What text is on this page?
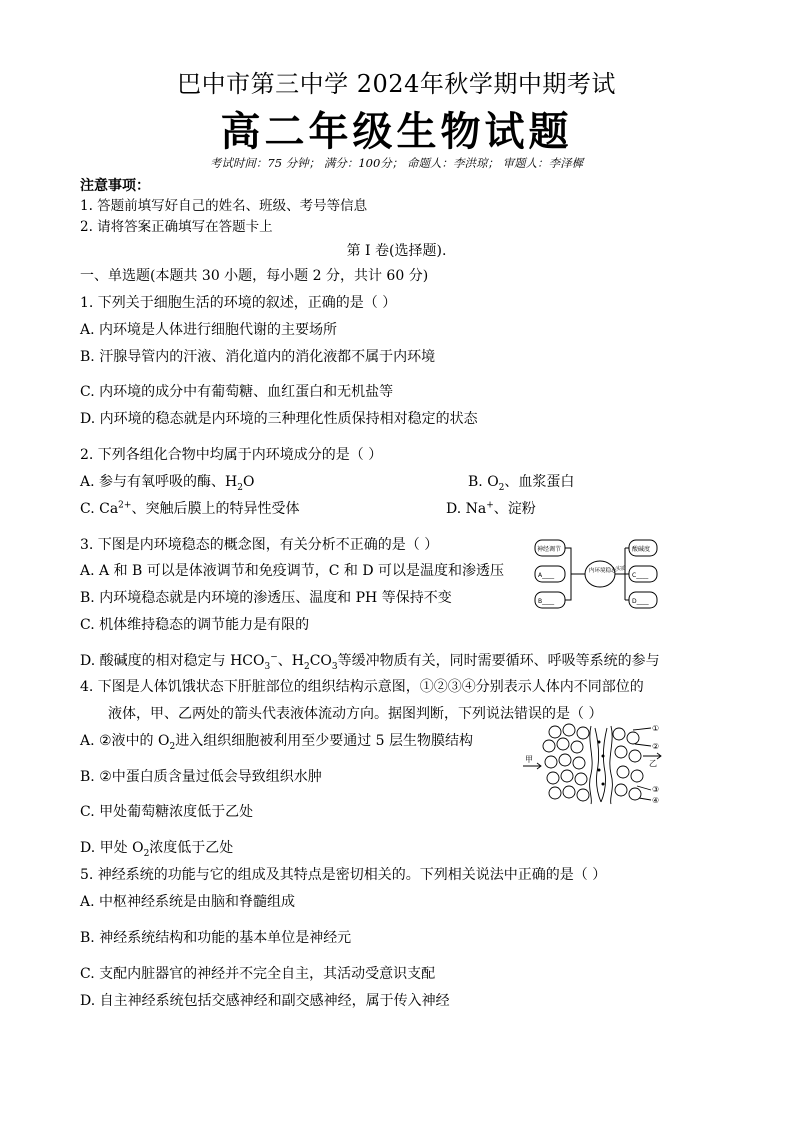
巴中市第三中学 2024年秋学期中期考试
高二年级生物试题
考试时间：75 分钟； 满分：100分； 命题人：李洪琼； 审题人：李泽樨
注意事项：
1. 答题前填写好自己的姓名、班级、考号等信息
2. 请将答案正确填写在答题卡上
第 I 卷(选择题).
一、单选题(本题共 30 小题，每小题 2 分，共计 60 分)
1. 下列关于细胞生活的环境的叙述，正确的是（ ）
A. 内环境是人体进行细胞代谢的主要场所
B. 汗腺导管内的汗液、消化道内的消化液都不属于内环境
C. 内环境的成分中有葡萄糖、血红蛋白和无机盐等
D. 内环境的稳态就是内环境的三种理化性质保持相对稳定的状态
2. 下列各组化合物中均属于内环境成分的是（ ）
A. 参与有氧呼吸的酶、$H_2O$	B. $O_2$、血浆蛋白
C. $Ca^{2+}$、突触后膜上的特异性受体	D. Na+、淀粉
3. 下图是内环境稳态的概念图，有关分析不正确的是（ ）
A. A 和 B 可以是体液调节和免疫调节，C 和 D 可以是温度和渗透压
B. 内环境稳态就是内环境的渗透压、温度和 PH 等保持不变
C. 机体维持稳态的调节能力是有限的
D. 酸碱度的相对稳定与 $HCO_3^-$、$H_2CO_3$等缓冲物质有关，同时需要循环、呼吸等系统的参与
神经调节
A____
B____
内环境稳态 实质
酸碱度
C____
D____
4. 下图是人体饥饿状态下肝脏部位的组织结构示意图，①②③④分别表示人体内不同部位的
液体，甲、乙两处的箭头代表液体流动方向。据图判断，下列说法错误的是（ ）
A. ②液中的 $O_2$进入组织细胞被利用至少要通过 5 层生物膜结构
B. ②中蛋白质含量过低会导致组织水肿
C. 甲处葡萄糖浓度低于乙处
D. 甲处 $O_2$浓度低于乙处
甲	乙
①
②
③
④
5. 神经系统的功能与它的组成及其特点是密切相关的。下列相关说法中正确的是（ ）
A. 中枢神经系统是由脑和脊髓组成
B. 神经系统结构和功能的基本单位是神经元
C. 支配内脏器官的神经并不完全自主，其活动受意识支配
D. 自主神经系统包括交感神经和副交感神经，属于传入神经
